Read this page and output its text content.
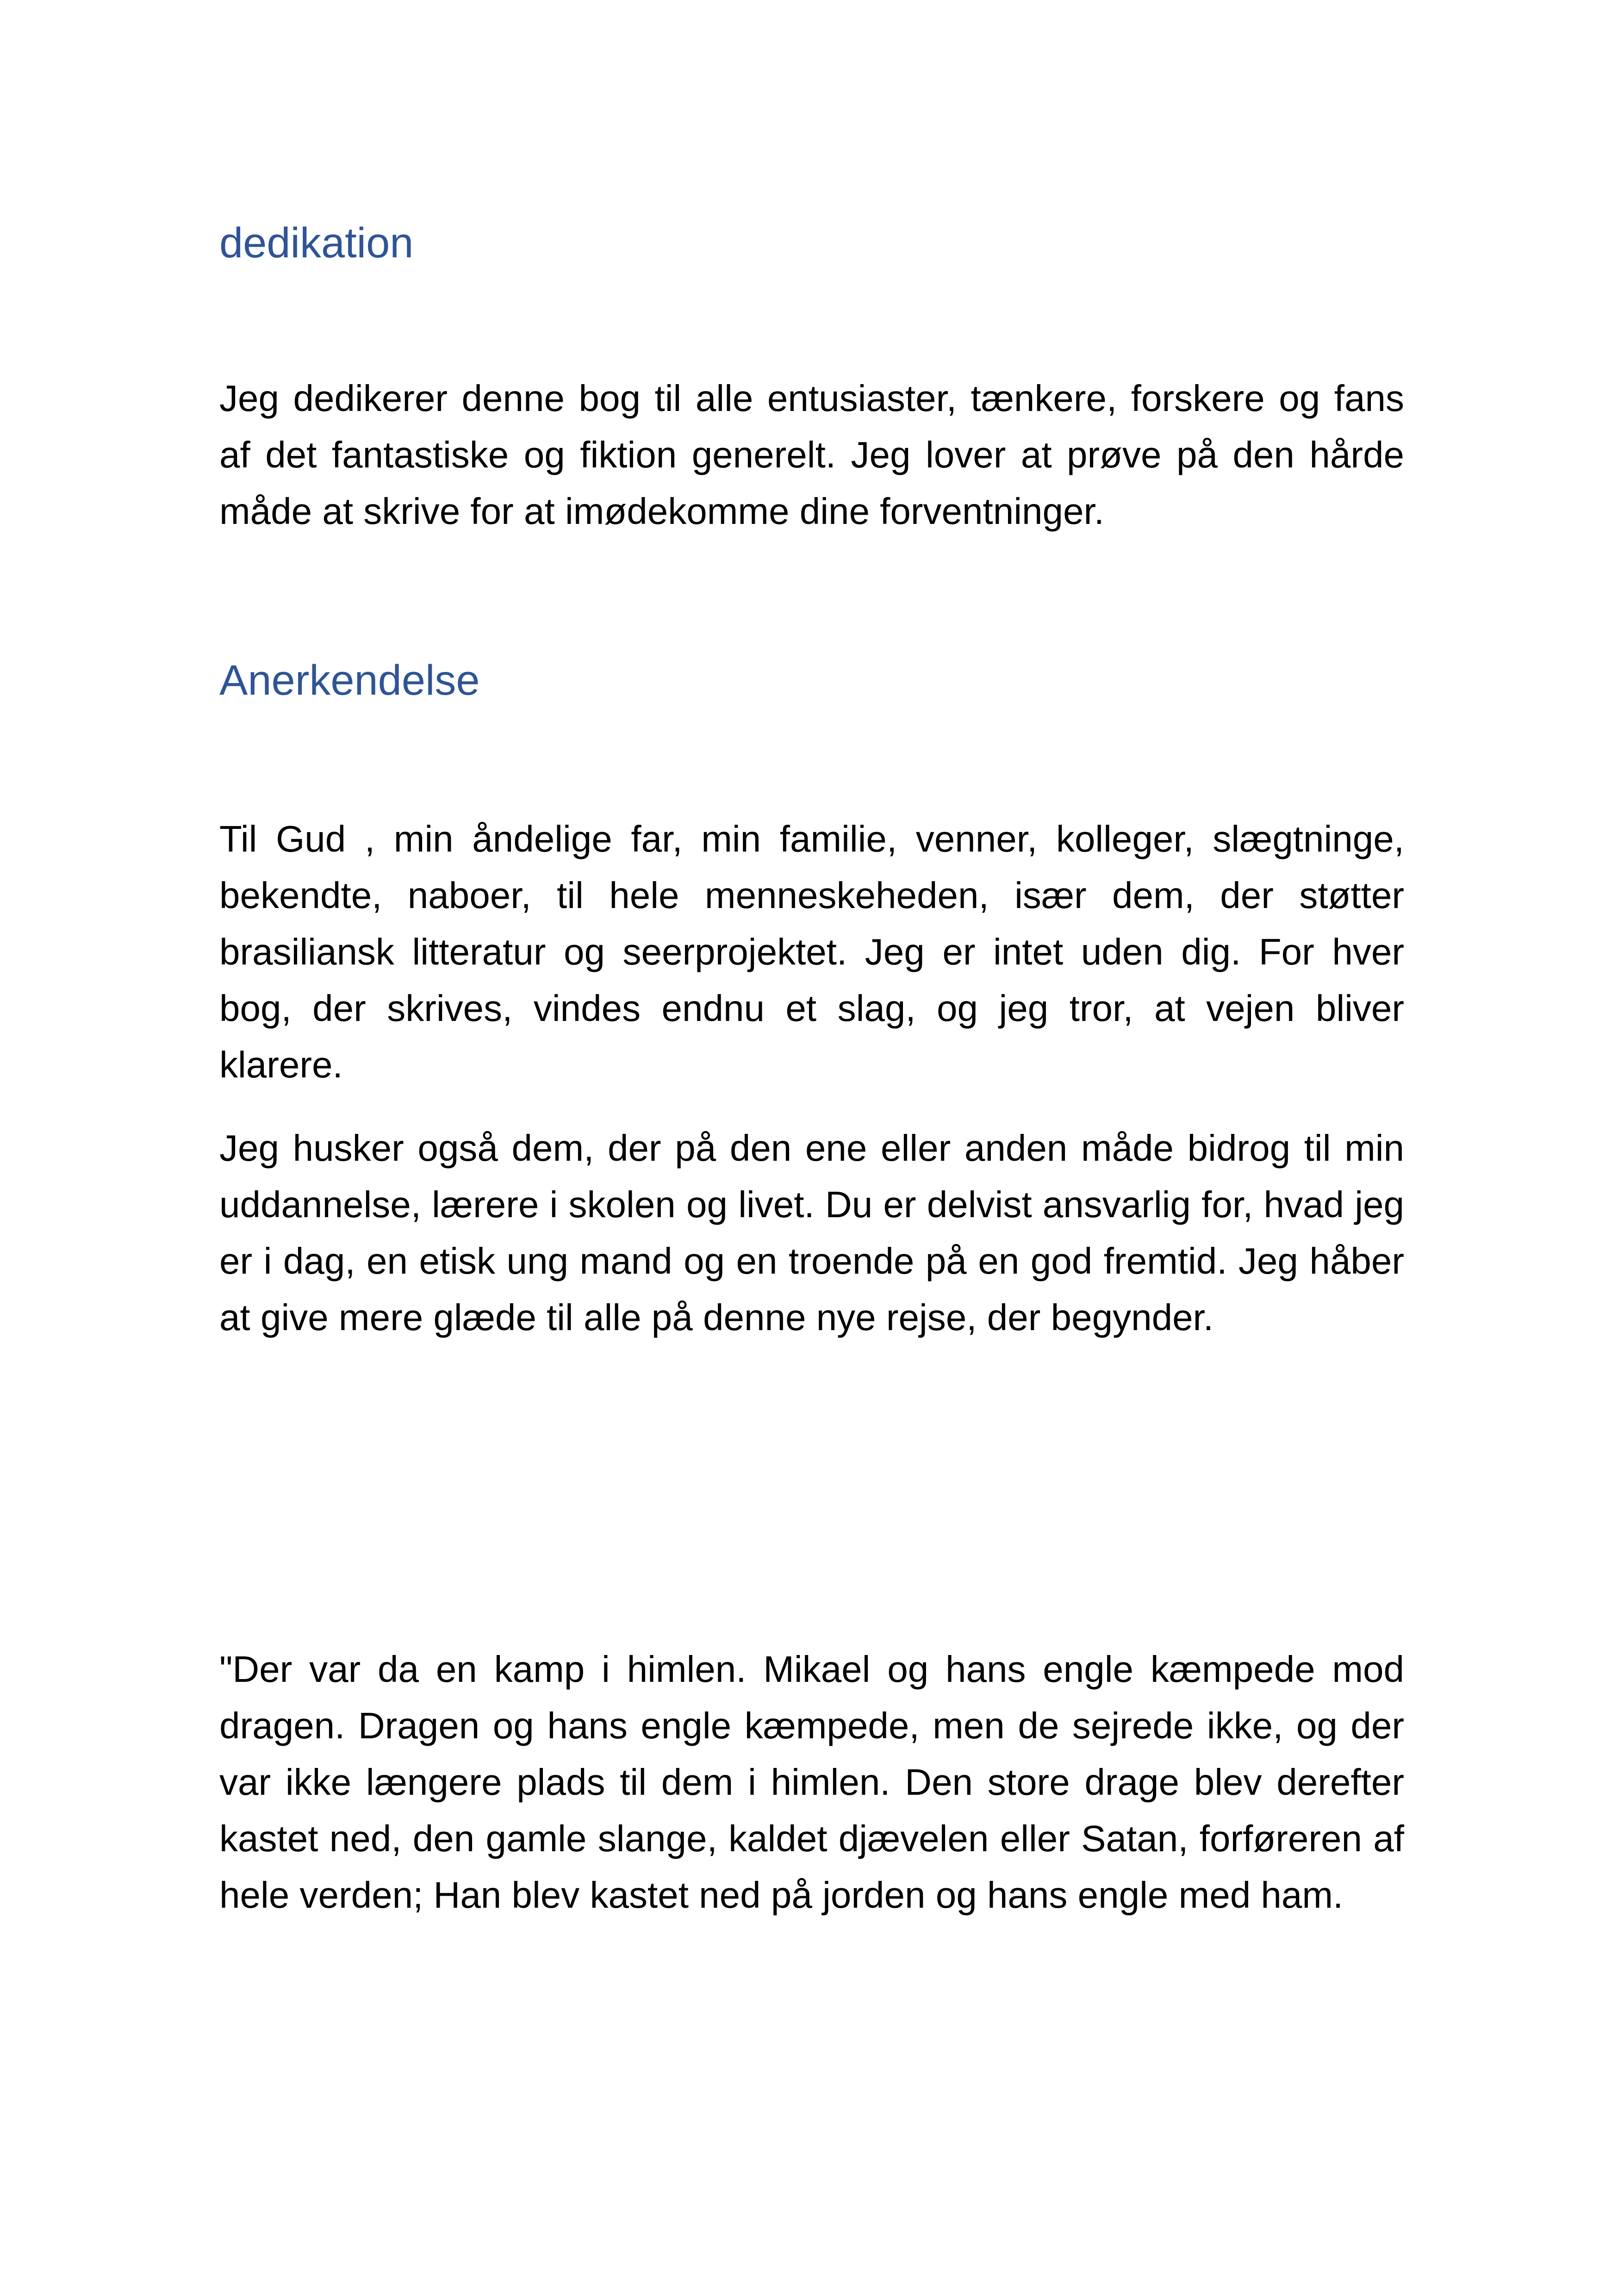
dedikation

Jeg dedikerer denne bog til alle entusiaster, tænkere, forskere og fans af det fantastiske og fiktion generelt. Jeg lover at prøve på den hårde måde at skrive for at imødekomme dine forventninger.

Anerkendelse

Til Gud , min åndelige far, min familie, venner, kolleger, slægtninge, bekendte, naboer, til hele menneskeheden, især dem, der støtter brasiliansk litteratur og seerprojektet. Jeg er intet uden dig. For hver bog, der skrives, vindes endnu et slag, og jeg tror, at vejen bliver klarere.

Jeg husker også dem, der på den ene eller anden måde bidrog til min uddannelse, lærere i skolen og livet. Du er delvist ansvarlig for, hvad jeg er i dag, en etisk ung mand og en troende på en god fremtid. Jeg håber at give mere glæde til alle på denne nye rejse, der begynder.

"Der var da en kamp i himlen. Mikael og hans engle kæmpede mod dragen. Dragen og hans engle kæmpede, men de sejrede ikke, og der var ikke længere plads til dem i himlen. Den store drage blev derefter kastet ned, den gamle slange, kaldet djævelen eller Satan, forføreren af hele verden; Han blev kastet ned på jorden og hans engle med ham.
